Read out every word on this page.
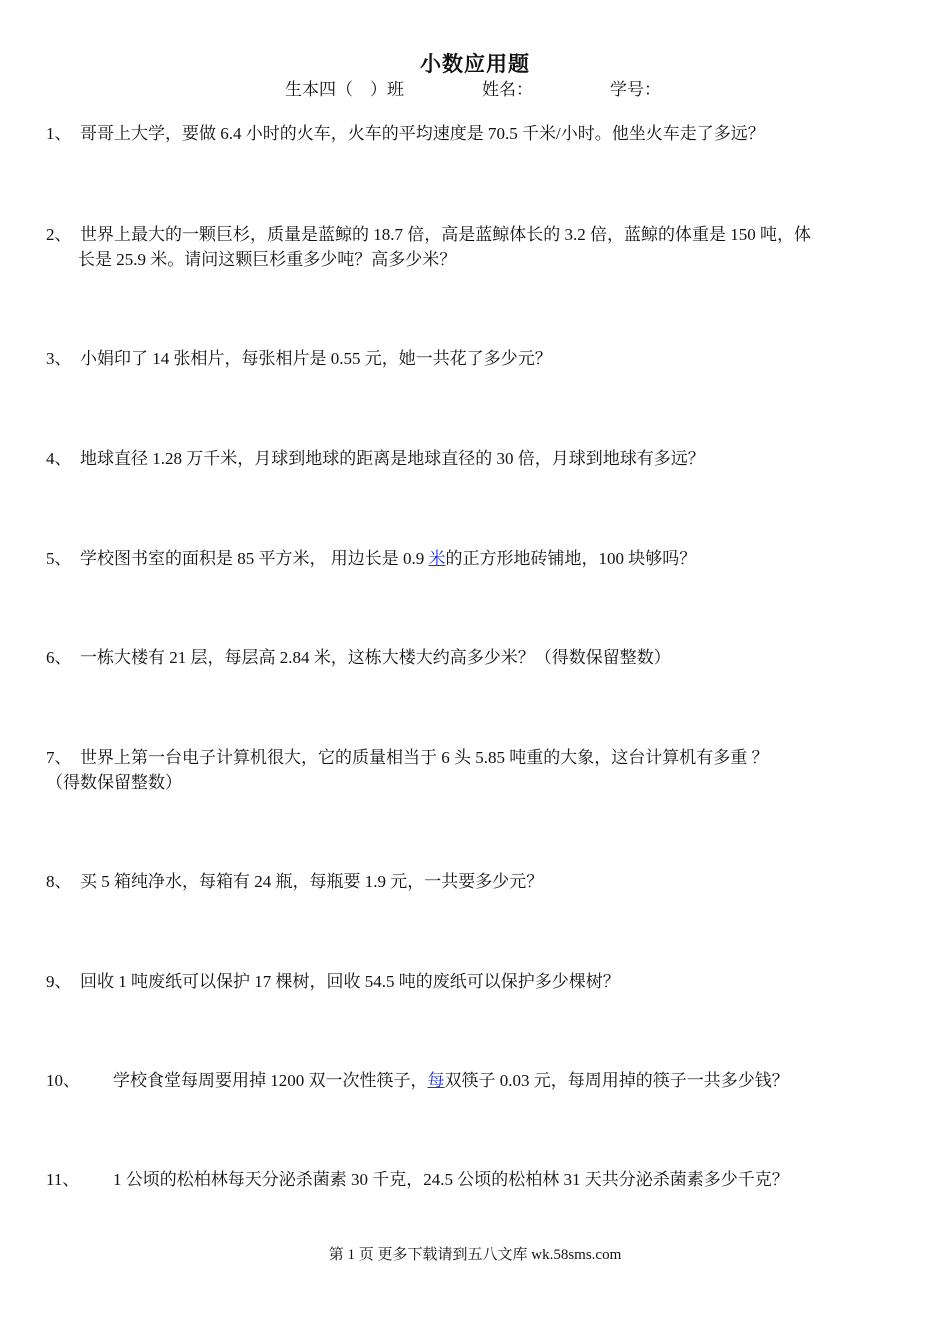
小数应用题
生本四（　）班	姓名：	学号：
1、 哥哥上大学，要做 6.4 小时的火车，火车的平均速度是 70.5 千米/小时。他坐火车走了多远？
2、 世界上最大的一颗巨杉，质量是蓝鲸的 18.7 倍，高是蓝鲸体长的 3.2 倍，蓝鲸的体重是 150 吨，体
长是 25.9 米。请问这颗巨杉重多少吨？高多少米？
3、 小娟印了 14 张相片，每张相片是 0.55 元，她一共花了多少元？
4、 地球直径 1.28 万千米，月球到地球的距离是地球直径的 30 倍，月球到地球有多远？
5、 学校图书室的面积是 85 平方米， 用边长是 0.9 米的正方形地砖铺地，100 块够吗？
6、 一栋大楼有 21 层，每层高 2.84 米，这栋大楼大约高多少米？（得数保留整数）
7、 世界上第一台电子计算机很大，它的质量相当于 6 头 5.85 吨重的大象，这台计算机有多重 ？
（得数保留整数）
8、 买 5 箱纯净水，每箱有 24 瓶，每瓶要 1.9 元，一共要多少元？
9、 回收 1 吨废纸可以保护 17 棵树，回收 54.5 吨的废纸可以保护多少棵树？
10、 学校食堂每周要用掉 1200 双一次性筷子，每双筷子 0.03 元，每周用掉的筷子一共多少钱？
11、 1 公顷的松柏林每天分泌杀菌素 30 千克，24.5 公顷的松柏林 31 天共分泌杀菌素多少千克？
第 1 页 更多下载请到五八文库 wk.58sms.com
